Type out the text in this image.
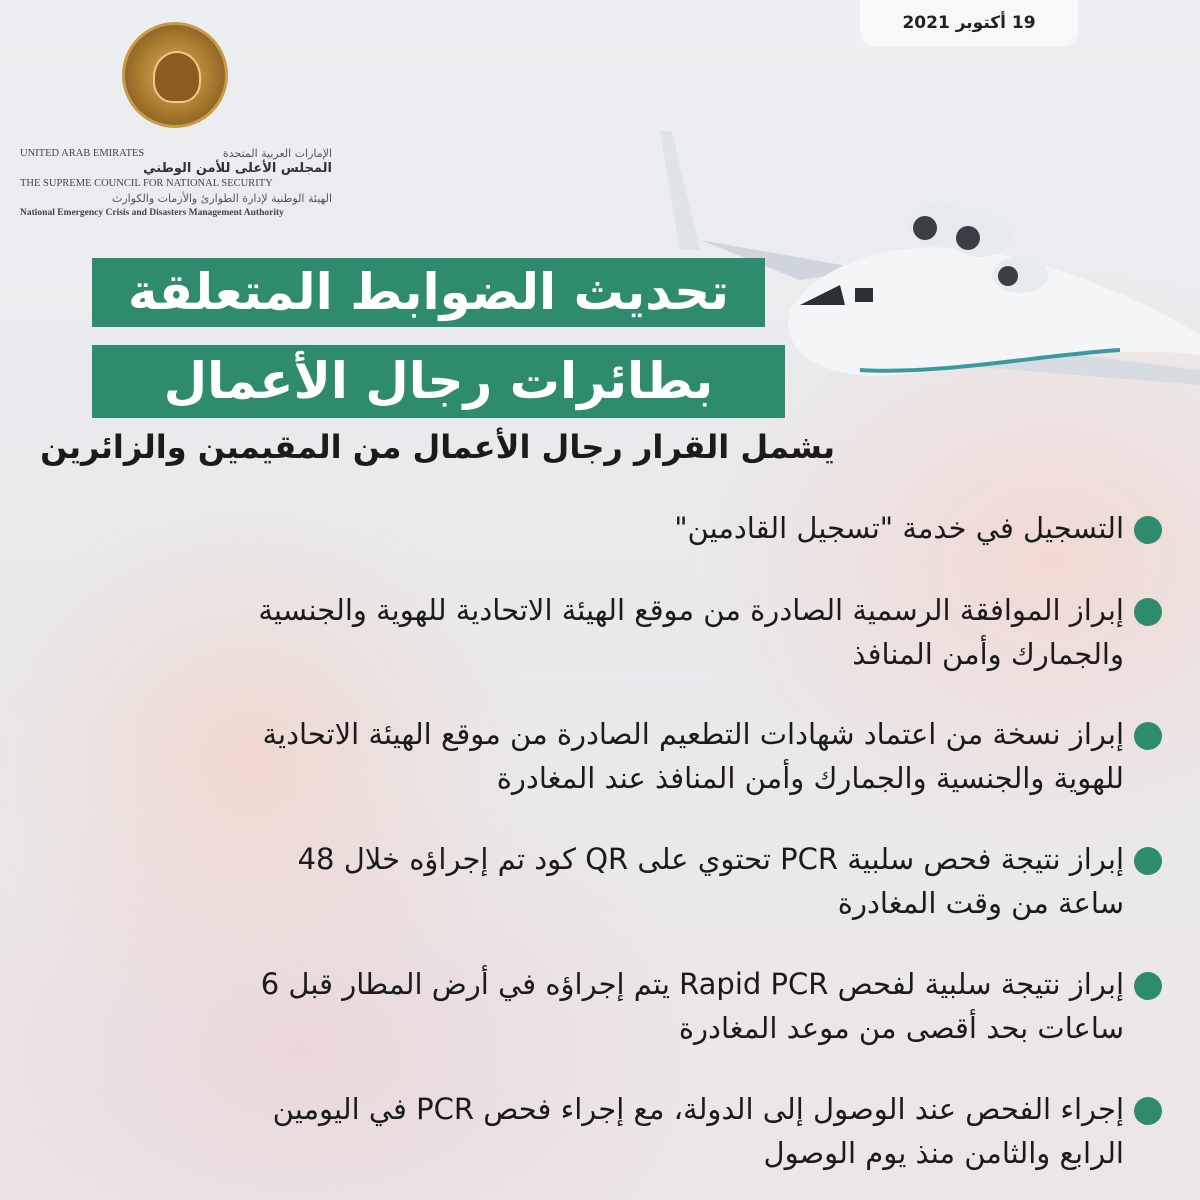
19 أكتوبر 2021
UNITED ARAB EMIRATES	الإمارات العربية المتحدة
المجلس الأعلى للأمن الوطني
THE SUPREME COUNCIL FOR NATIONAL SECURITY
الهيئة الوطنية لإدارة الطوارئ والأزمات والكوارث
National Emergency Crisis and Disasters Management Authority
تحديث الضوابط المتعلقة
بطائرات رجال الأعمال
يشمل القرار رجال الأعمال من المقيمين والزائرين
التسجيل في خدمة "تسجيل القادمين"
إبراز الموافقة الرسمية الصادرة من موقع الهيئة الاتحادية للهوية والجنسية
والجمارك وأمن المنافذ
إبراز نسخة من اعتماد شهادات التطعيم الصادرة من موقع الهيئة الاتحادية
للهوية والجنسية والجمارك وأمن المنافذ عند المغادرة
إبراز نتيجة فحص سلبية PCR تحتوي على QR كود تم إجراؤه خلال 48
ساعة من وقت المغادرة
إبراز نتيجة سلبية لفحص Rapid PCR يتم إجراؤه في أرض المطار قبل 6
ساعات بحد أقصى من موعد المغادرة
إجراء الفحص عند الوصول إلى الدولة، مع إجراء فحص PCR في اليومين
الرابع والثامن منذ يوم الوصول
